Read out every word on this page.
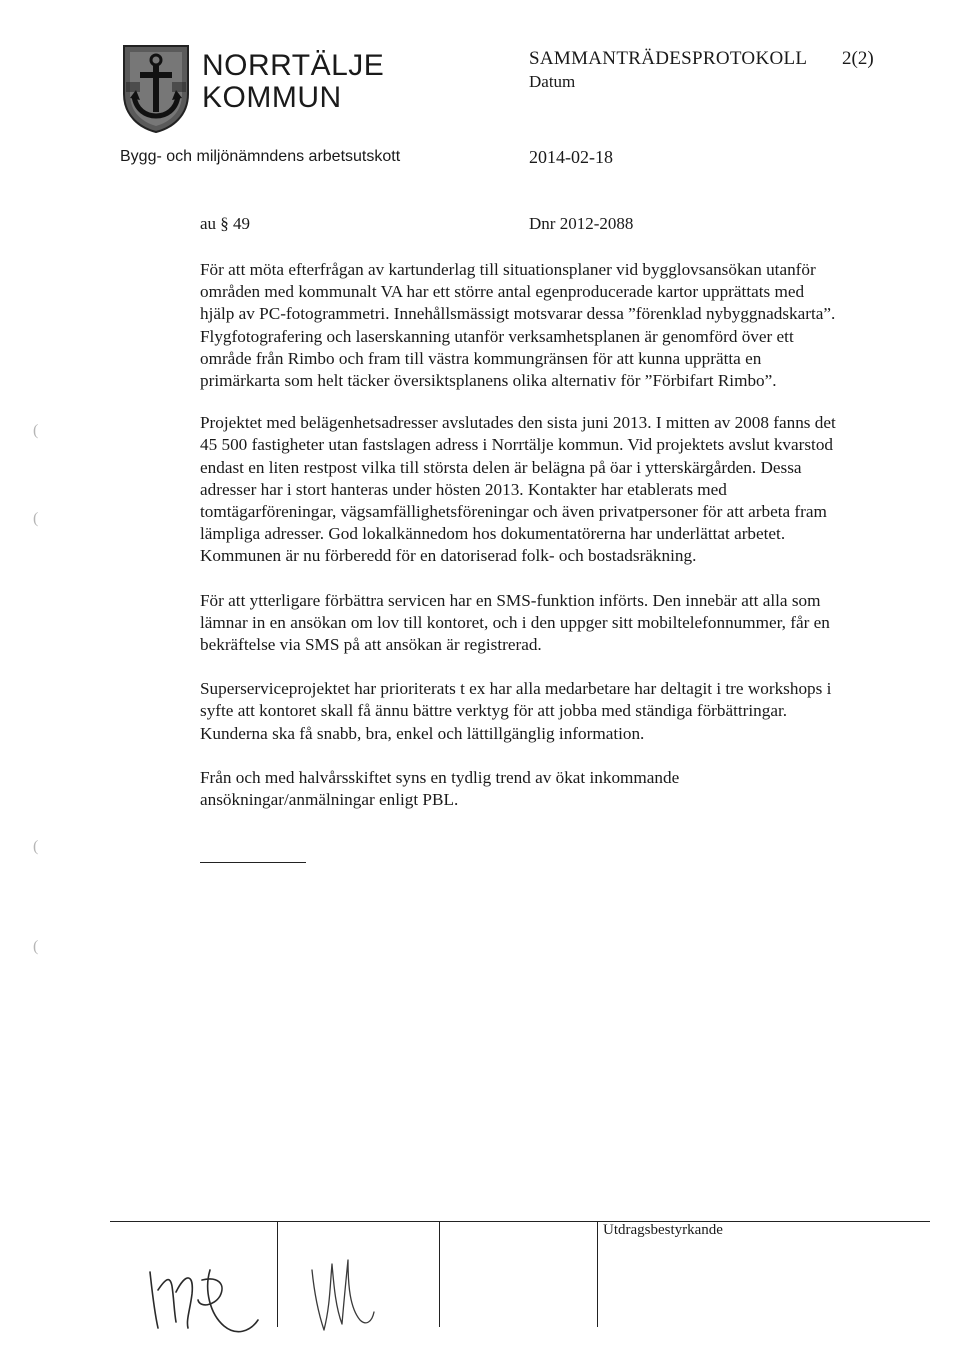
NORRTÄLJE
KOMMUN
Bygg- och miljönämndens arbetsutskott
SAMMANTRÄDESPROTOKOLL 2(2)
Datum
2014-02-18
au § 49	Dnr 2012-2088

För att möta efterfrågan av kartunderlag till situationsplaner vid bygglovsansökan utanför
områden med kommunalt VA har ett större antal egenproducerade kartor upprättats med
hjälp av PC-fotogrammetri. Innehållsmässigt motsvarar dessa ”förenklad nybyggnadskarta”.
Flygfotografering och laserskanning utanför verksamhetsplanen är genomförd över ett
område från Rimbo och fram till västra kommungränsen för att kunna upprätta en
primärkarta som helt täcker översiktsplanens olika alternativ för ”Förbifart Rimbo”.

Projektet med belägenhetsadresser avslutades den sista juni 2013. I mitten av 2008 fanns det
45 500 fastigheter utan fastslagen adress i Norrtälje kommun. Vid projektets avslut kvarstod
endast en liten restpost vilka till största delen är belägna på öar i ytterskärgården. Dessa
adresser har i stort hanteras under hösten 2013. Kontakter har etablerats med
tomtägarföreningar, vägsamfällighetsföreningar och även privatpersoner för att arbeta fram
lämpliga adresser. God lokalkännedom hos dokumentatörerna har underlättat arbetet.
Kommunen är nu förberedd för en datoriserad folk- och bostadsräkning.

För att ytterligare förbättra servicen har en SMS-funktion införts. Den innebär att alla som
lämnar in en ansökan om lov till kontoret, och i den uppger sitt mobiltelefonnummer, får en
bekräftelse via SMS på att ansökan är registrerad.

Superserviceprojektet har prioriterats t ex har alla medarbetare har deltagit i tre workshops i
syfte att kontoret skall få ännu bättre verktyg för att jobba med ständiga förbättringar.
Kunderna ska få snabb, bra, enkel och lättillgänglig information.

Från och med halvårsskiftet syns en tydlig trend av ökat inkommande
ansökningar/anmälningar enligt PBL.

(
(
(
(
Utdragsbestyrkande
